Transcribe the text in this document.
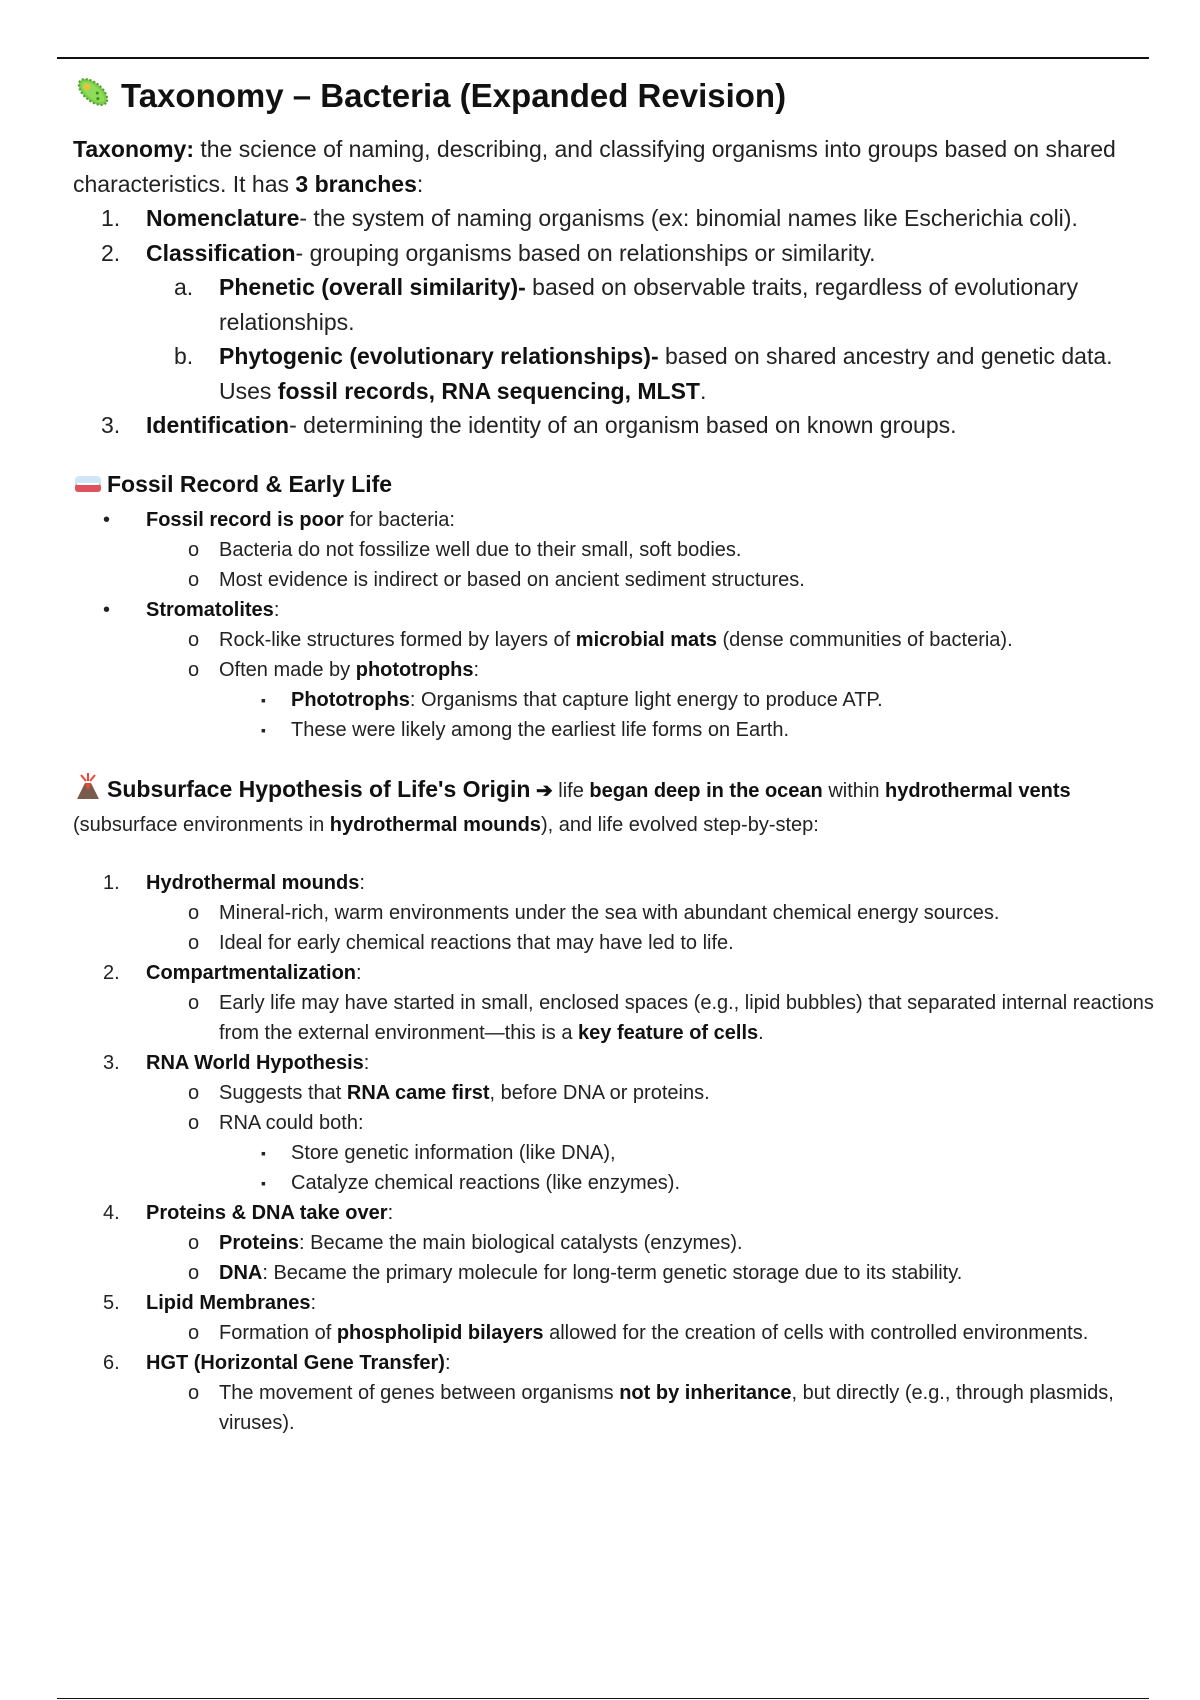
Taxonomy – Bacteria (Expanded Revision)
Taxonomy: the science of naming, describing, and classifying organisms into groups based on shared characteristics. It has 3 branches:
1. Nomenclature- the system of naming organisms (ex: binomial names like Escherichia coli).
2. Classification- grouping organisms based on relationships or similarity.
a. Phenetic (overall similarity)- based on observable traits, regardless of evolutionary relationships.
b. Phytogenic (evolutionary relationships)- based on shared ancestry and genetic data. Uses fossil records, RNA sequencing, MLST.
3. Identification- determining the identity of an organism based on known groups.
Fossil Record & Early Life
• Fossil record is poor for bacteria:
o Bacteria do not fossilize well due to their small, soft bodies.
o Most evidence is indirect or based on ancient sediment structures.
• Stromatolites:
o Rock-like structures formed by layers of microbial mats (dense communities of bacteria).
o Often made by phototrophs:
▪ Phototrophs: Organisms that capture light energy to produce ATP.
▪ These were likely among the earliest life forms on Earth.
Subsurface Hypothesis of Life's Origin ➔ life began deep in the ocean within hydrothermal vents (subsurface environments in hydrothermal mounds), and life evolved step-by-step:
1. Hydrothermal mounds:
o Mineral-rich, warm environments under the sea with abundant chemical energy sources.
o Ideal for early chemical reactions that may have led to life.
2. Compartmentalization:
o Early life may have started in small, enclosed spaces (e.g., lipid bubbles) that separated internal reactions from the external environment—this is a key feature of cells.
3. RNA World Hypothesis:
o Suggests that RNA came first, before DNA or proteins.
o RNA could both:
▪ Store genetic information (like DNA),
▪ Catalyze chemical reactions (like enzymes).
4. Proteins & DNA take over:
o Proteins: Became the main biological catalysts (enzymes).
o DNA: Became the primary molecule for long-term genetic storage due to its stability.
5. Lipid Membranes:
o Formation of phospholipid bilayers allowed for the creation of cells with controlled environments.
6. HGT (Horizontal Gene Transfer):
o The movement of genes between organisms not by inheritance, but directly (e.g., through plasmids, viruses).
